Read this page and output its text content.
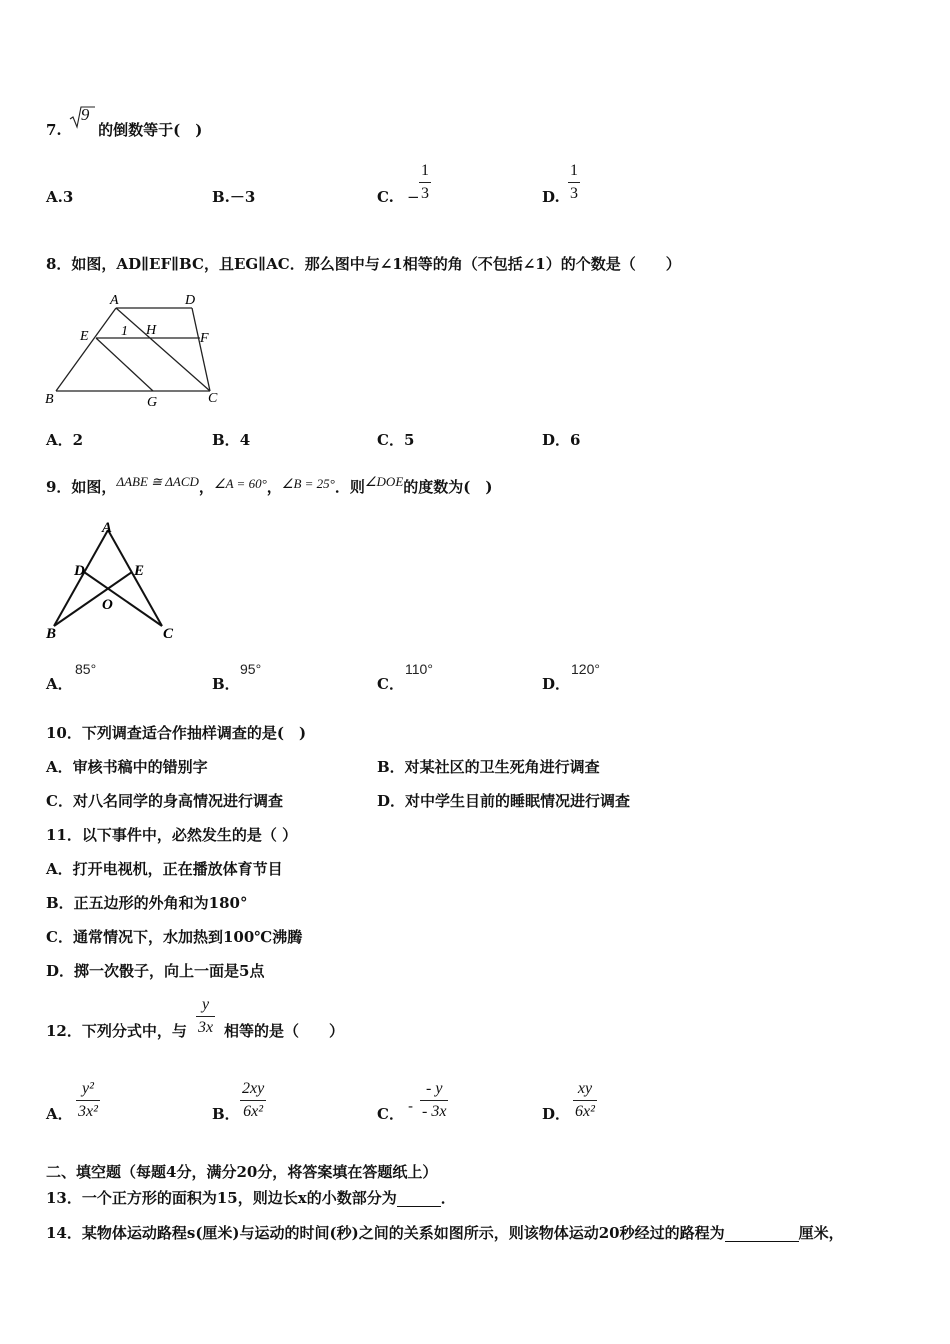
7.
9
的倒数等于( )
A.3	B.－3	C. −
1
3	D.
1
3
8．如图，AD∥EF∥BC，且EG∥AC．那么图中与∠1相等的角（不包括∠1）的个数是（  ）
A	D
E 1 H
F
B	G	C
A．2	B．4	C．5	D．6
9．如图，ΔABE ≅ ΔACD，∠A = 60°，∠B = 25°．则∠DOE的度数为( )
A
D	E
O
B	C
A．
85°
B．
95°
C．
110°
D．
120°
10．下列调查适合作抽样调查的是( )
A．审核书稿中的错别字	B．对某社区的卫生死角进行调查
C．对八名同学的身高情况进行调查	D．对中学生目前的睡眠情况进行调查
11．以下事件中，必然发生的是（ ）
A．打开电视机，正在播放体育节目
B．正五边形的外角和为180°
C．通常情况下，水加热到100℃沸腾
D．掷一次骰子，向上一面是5点
12．下列分式中，与
y
3x 相等的是（  ）
A．
y²
3x²	B．
2xy
6x²	C． -
- y
- 3x	D．
xy
6x²
二、填空题（每题4分，满分20分，将答案填在答题纸上）
13．一个正方形的面积为15，则边长x的小数部分为	．
14．某物体运动路程s(厘米)与运动的时间(秒)之间的关系如图所示，则该物体运动20秒经过的路程为	厘米，
